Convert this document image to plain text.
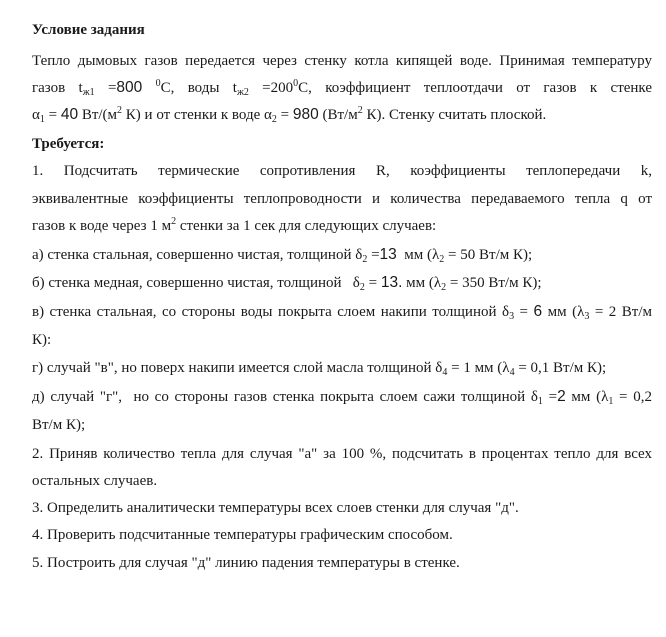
Условие задания
Тепло дымовых газов передается через стенку котла кипящей воде. Принимая температуру
газов $t_{ж1} =800$ $^0$С, воды $t_{ж2} =200^0С$, коэффициент теплоотдачи от газов к стенке
$\alpha_1 = 40$ $Вт/(м^2$ К) и от стенки к воде $\alpha_2 = 980$ ($Вт/м^2$ К). Стенку считать плоской.
Требуется:
1. Подсчитать термические сопротивления R, коэффициенты теплопередачи k,
эквивалентные коэффициенты теплопроводности и количества передаваемого тепла q от
газов к воде через 1 $м^2$ стенки за 1 сек для следующих случаев:
а) стенка стальная, совершенно чистая, толщиной $\delta_2 =13$  мм ($\lambda_2 = 50$ Вт/м К);
б) стенка медная, совершенно чистая, толщиной   $\delta_2 = 13$. мм ($\lambda_2 = 350$ Вт/м К);
в) стенка стальная, со стороны воды покрыта слоем накипи толщиной $\delta_3 = 6$ мм ($\lambda_3 = 2$ Вт/м
К):
г) случай "в", но поверх накипи имеется слой масла толщиной $\delta_4 = 1$ мм ($\lambda_4 = 0,1$ Вт/м К);
д) случай "г",  но со стороны газов стенка покрыта слоем сажи толщиной $\delta_1 =2$ мм ($\lambda_1 = 0,2$
Вт/м К);
2. Приняв количество тепла для случая "а" за 100 %, подсчитать в процентах тепло для всех
остальных случаев.
3. Определить аналитически температуры всех слоев стенки для случая "д".
4. Проверить подсчитанные температуры графическим способом.
5. Построить для случая "д" линию падения температуры в стенке.
